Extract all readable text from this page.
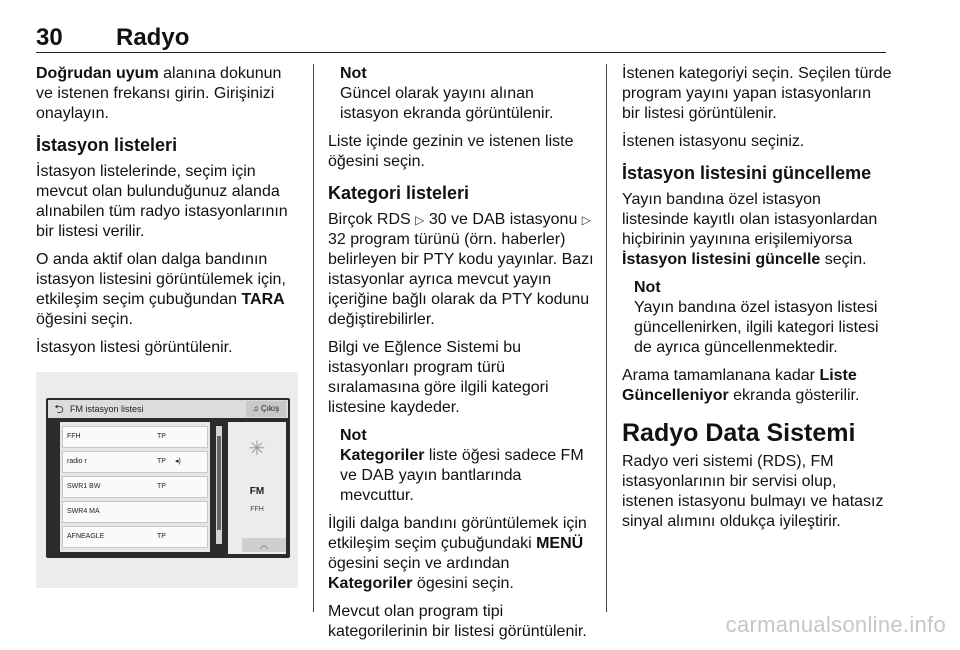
30 Radyo

Doğrudan uyum alanına dokunun ve istenen frekansı girin. Girişinizi onaylayın.

İstasyon listeleri

İstasyon listelerinde, seçim için mevcut olan bulunduğunuz alanda alınabilen tüm radyo istasyonlarının bir listesi verilir.

O anda aktif olan dalga bandının istasyon listesini görüntülemek için, etkileşim seçim çubuğundan TARA öğesini seçin.

İstasyon listesi görüntülenir.

⮌ FM istasyon listesi	♫ Çıkış
FFH	TP
radio r	TP ◂)
SWR1 BW	TP
SWR4 MA
AFNEAGLE	TP
✳
FM
FFH
︿
Not
Güncel olarak yayını alınan istasyon ekranda görüntülenir.

Liste içinde gezinin ve istenen liste öğesini seçin.

Kategori listeleri

Birçok RDS ▷ 30 ve DAB istasyonu ▷ 32 program türünü (örn. haberler) belirleyen bir PTY kodu yayınlar. Bazı istasyonlar ayrıca mevcut yayın içeriğine bağlı olarak da PTY kodunu değiştirebilirler.

Bilgi ve Eğlence Sistemi bu istasyonları program türü sıralamasına göre ilgili kategori listesine kaydeder.

Not
Kategoriler liste öğesi sadece FM ve DAB yayın bantlarında mevcuttur.

İlgili dalga bandını görüntülemek için etkileşim seçim çubuğundaki MENÜ ögesini seçin ve ardından Kategoriler ögesini seçin.

Mevcut olan program tipi kategorilerinin bir listesi görüntülenir.

İstenen kategoriyi seçin. Seçilen türde program yayını yapan istasyonların bir listesi görüntülenir.

İstenen istasyonu seçiniz.

İstasyon listesini güncelleme

Yayın bandına özel istasyon listesinde kayıtlı olan istasyonlardan hiçbirinin yayınına erişilemiyorsa İstasyon listesini güncelle seçin.

Not
Yayın bandına özel istasyon listesi güncellenirken, ilgili kategori listesi de ayrıca güncellenmektedir.

Arama tamamlanana kadar Liste Güncelleniyor ekranda gösterilir.

Radyo Data Sistemi

Radyo veri sistemi (RDS), FM istasyonlarının bir servisi olup, istenen istasyonu bulmayı ve hatasız sinyal alımını oldukça iyileştirir.

carmanualsonline.info
